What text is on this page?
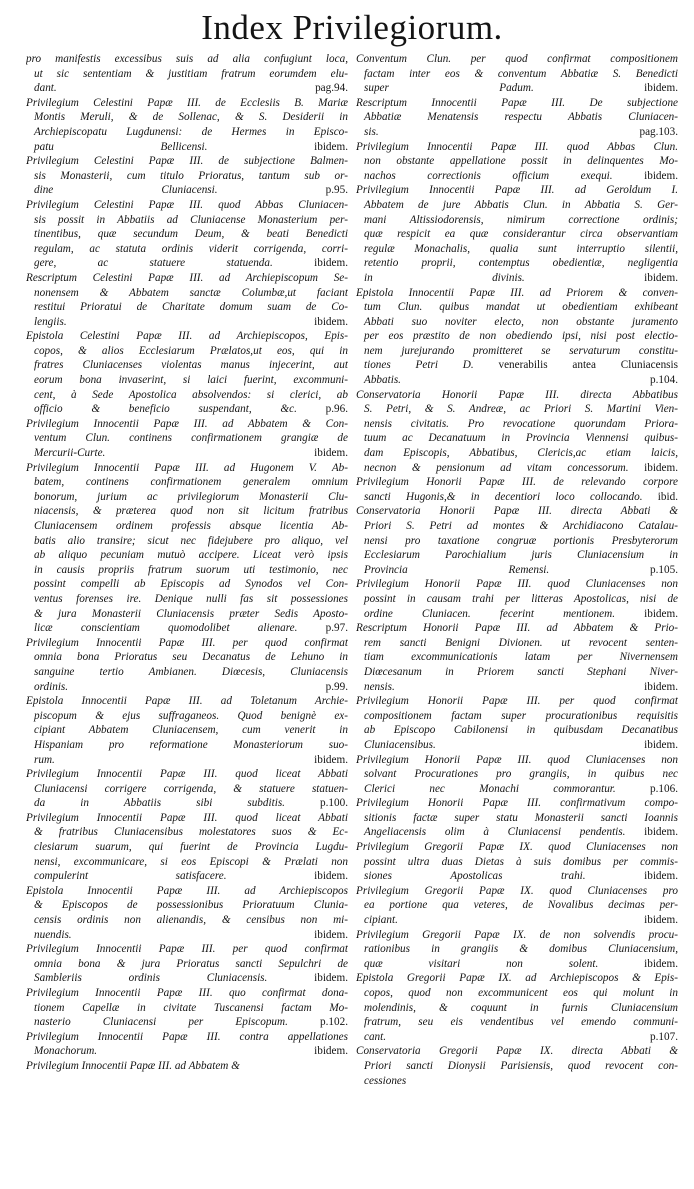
Index Privilegiorum.
pro manifestis excessibus suis ad alia confugiunt loca,
ut sic sententiam & justitiam fratrum eorumdem elu-
dant. pag.94.
Privilegium Celestini Papæ III. de Ecclesiis B. Mariæ
Montis Meruli, & de Sollenac, & S. Desiderii in
Archiepiscopatu Lugdunensi: de Hermes in Episco-
patu Bellicensi. ibidem.
Privilegium Celestini Papæ III. de subjectione Balmen-
sis Monasterii, cum titulo Prioratus, tantum sub or-
dine Cluniacensi. p.95.
Privilegium Celestini Papæ III. quod Abbas Cluniacen-
sis possit in Abbatiis ad Cluniacense Monasterium per-
tinentibus, quæ secundum Deum, & beati Benedicti
regulam, ac statuta ordinis viderit corrigenda, corri-
gere, ac statuere statuenda. ibidem.
Rescriptum Celestini Papæ III. ad Archiepiscopum Se-
nonensem & Abbatem sanctæ Columbæ,ut faciant
restitui Prioratui de Charitate domum suam de Co-
lengiis. ibidem.
Epistola Celestini Papæ III. ad Archiepiscopos, Epis-
copos, & alios Ecclesiarum Prælatos,ut eos, qui in
fratres Cluniacenses violentas manus injecerint, aut
eorum bona invaserint, si laici fuerint, excommuni-
cent, à Sede Apostolica absolvendos: si clerici, ab
officio & beneficio suspendant, &c. p.96.
Privilegium Innocentii Papæ III. ad Abbatem & Con-
ventum Clun. continens confirmationem grangiæ de
Mercurii-Curte. ibidem.
Privilegium Innocentii Papæ III. ad Hugonem V. Ab-
batem, continens confirmationem generalem omnium
bonorum, jurium ac privilegiorum Monasterii Clu-
niacensis, & præterea quod non sit licitum fratribus
Cluniacensem ordinem professis absque licentia Ab-
batis alio transire; sicut nec fidejubere pro aliquo, vel
ab aliquo pecuniam mutuò accipere. Liceat verò ipsis
in causis propriis fratrum suorum uti testimonio, nec
possint compelli ab Episcopis ad Synodos vel Con-
ventus forenses ire. Denique nulli fas sit possessiones
& jura Monasterii Cluniacensis præter Sedis Aposto-
licæ conscientiam quomodolibet alienare. p.97.
Privilegium Innocentii Papæ III. per quod confirmat
omnia bona Prioratus seu Decanatus de Lehuno in
sanguine tertio Ambianen. Diœcesis, Cluniacensis
ordinis. p.99.
Epistola Innocentii Papæ III. ad Toletanum Archie-
piscopum & ejus suffraganeos. Quod benignè ex-
cipiant Abbatem Cluniacensem, cum venerit in
Hispaniam pro reformatione Monasteriorum suo-
rum. ibidem.
Privilegium Innocentii Papæ III. quod liceat Abbati
Cluniacensi corrigere corrigenda, & statuere statuen-
da in Abbatiis sibi subditis. p.100.
Privilegium Innocentii Papæ III. quod liceat Abbati
& fratribus Cluniacensibus molestatores suos & Ec-
clesiarum suarum, qui fuerint de Provincia Lugdu-
nensi, excommunicare, si eos Episcopi & Prælati non
compulerint satisfacere. ibidem.
Epistola Innocentii Papæ III. ad Archiepiscopos
& Episcopos de possessionibus Prioratuum Clunia-
censis ordinis non alienandis, & censibus non mi-
nuendis. ibidem.
Privilegium Innocentii Papæ III. per quod confirmat
omnia bona & jura Prioratus sancti Sepulchri de
Sambleriis ordinis Cluniacensis. ibidem.
Privilegium Innocentii Papæ III. quo confirmat dona-
tionem Capellæ in civitate Tuscanensi factam Mo-
nasterio Cluniacensi per Episcopum. p.102.
Privilegium Innocentii Papæ III. contra appellationes
Monachorum. ibidem.
Privilegium Innocentii Papæ III. ad Abbatem &
Conventum Clun. per quod confirmat compositionem
factam inter eos & conventum Abbatiæ S. Benedicti
super Padum. ibidem.
Rescriptum Innocentii Papæ III. De subjectione
Abbatiæ Menatensis respectu Abbatis Cluniacen-
sis. pag.103.
Privilegium Innocentii Papæ III. quod Abbas Clun.
non obstante appellatione possit in delinquentes Mo-
nachos correctionis officium exequi. ibidem.
Privilegium Innocentii Papæ III. ad Geroldum I.
Abbatem de jure Abbatis Clun. in Abbatia S. Ger-
mani Altissiodorensis, nimirum correctione ordinis;
quæ respicit ea quæ considerantur circa observantiam
regulæ Monachalis, qualia sunt interruptio silentii,
retentio proprii, contemptus obedientiæ, negligentia
in divinis. ibidem.
Epistola Innocentii Papæ III. ad Priorem & conven-
tum Clun. quibus mandat ut obedientiam exhibeant
Abbati suo noviter electo, non obstante juramento
per eos præstito de non obediendo ipsi, nisi post electio-
nem jurejurando promitteret se servaturum constitu-
tiones Petri D. venerabilis antea Cluniacensis
Abbatis. p.104.
Conservatoria Honorii Papæ III. directa Abbatibus
S. Petri, & S. Andreæ, ac Priori S. Martini Vien-
nensis civitatis. Pro revocatione quorundam Priora-
tuum ac Decanatuum in Provincia Viennensi quibus-
dam Episcopis, Abbatibus, Clericis,ac etiam laicis,
necnon & pensionum ad vitam concessorum. ibidem.
Privilegium Honorii Papæ III. de relevando corpore
sancti Hugonis,& in decentiori loco collocando. ibid.
Conservatoria Honorii Papæ III. directa Abbati &
Priori S. Petri ad montes & Archidiacono Catalau-
nensi pro taxatione congruæ portionis Presbyterorum
Ecclesiarum Parochialium juris Cluniacensium in
Provincia Remensi. p.105.
Privilegium Honorii Papæ III. quod Cluniacenses non
possint in causam trahi per litteras Apostolicas, nisi de
ordine Cluniacen. fecerint mentionem. ibidem.
Rescriptum Honorii Papæ III. ad Abbatem & Prio-
rem sancti Benigni Divionen. ut revocent senten-
tiam excommunicationis latam per Nivernensem
Diœcesanum in Priorem sancti Stephani Niver-
nensis. ibidem.
Privilegium Honorii Papæ III. per quod confirmat
compositionem factam super procurationibus requisitis
ab Episcopo Cabilonensi in quibusdam Decanatibus
Cluniacensibus. ibidem.
Privilegium Honorii Papæ III. quod Cluniacenses non
solvant Procurationes pro grangiis, in quibus nec
Clerici nec Monachi commorantur. p.106.
Privilegium Honorii Papæ III. confirmativum compo-
sitionis factæ super statu Monasterii sancti Ioannis
Angeliacensis olim à Cluniacensi pendentis. ibidem.
Privilegium Gregorii Papæ IX. quod Cluniacenses non
possint ultra duas Dietas à suis domibus per commis-
siones Apostolicas trahi. ibidem.
Privilegium Gregorii Papæ IX. quod Cluniacenses pro
ea portione qua veteres, de Novalibus decimas per-
cipiant. ibidem.
Privilegium Gregorii Papæ IX. de non solvendis procu-
rationibus in grangiis & domibus Cluniacensium,
quæ visitari non solent. ibidem.
Epistola Gregorii Papæ IX. ad Archiepiscopos & Epis-
copos, quod non excommunicent eos qui molunt in
molendinis, & coquunt in furnis Cluniacensium
fratrum, seu eis vendentibus vel emendo communi-
cant. p.107.
Conservatoria Gregorii Papæ IX. directa Abbati &
Priori sancti Dionysii Parisiensis, quod revocent con-
cessiones
